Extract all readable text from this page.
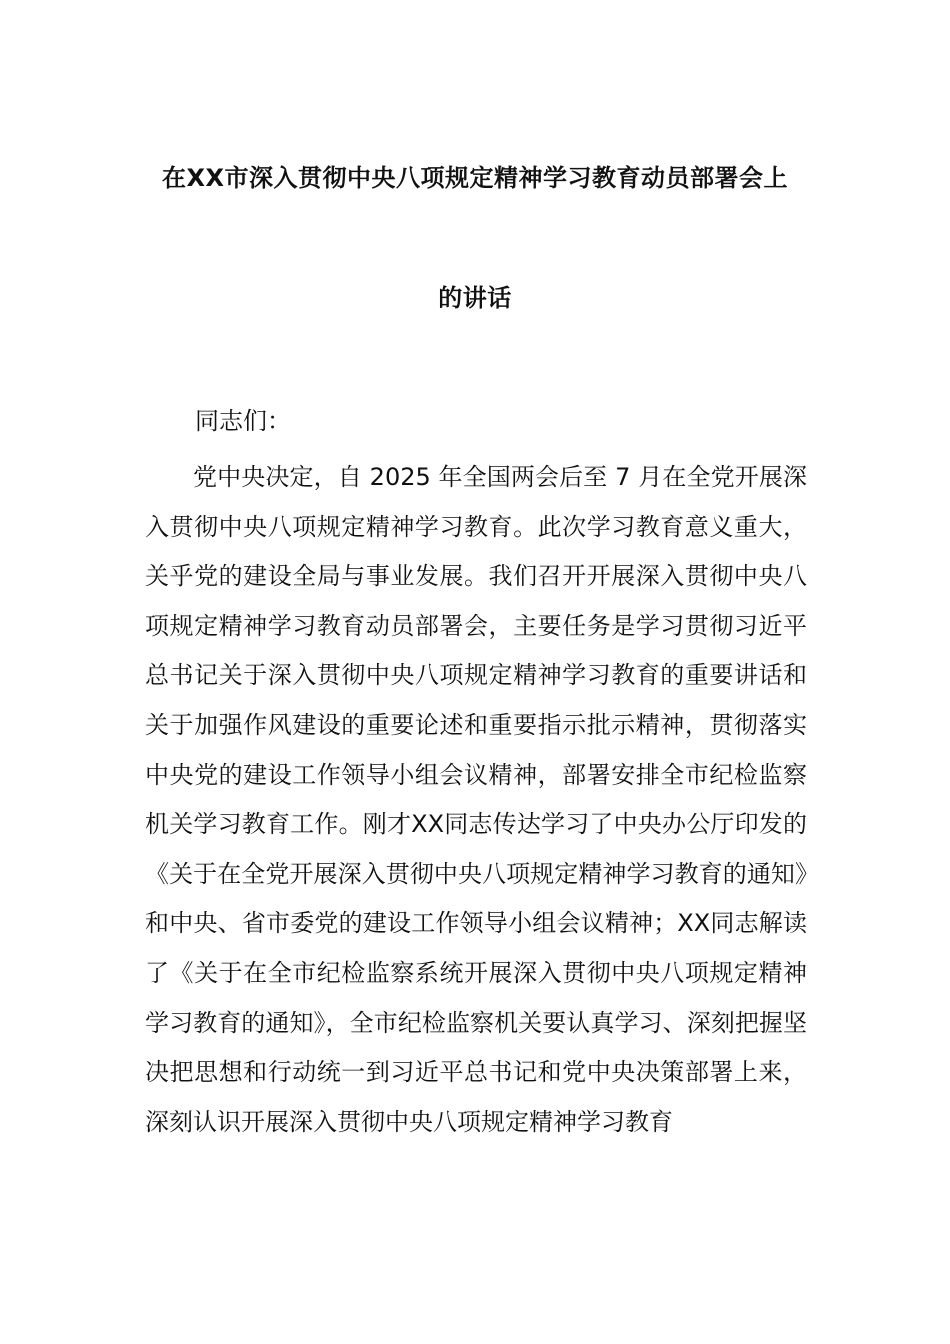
在XX市深入贯彻中央八项规定精神学习教育动员部署会上
的讲话
同志们：
党中央决定，自 2025 年全国两会后至 7 月在全党开展深入贯彻中央八项规定精神学习教育。此次学习教育意义重大，关乎党的建设全局与事业发展。我们召开开展深入贯彻中央八项规定精神学习教育动员部署会，主要任务是学习贯彻习近平总书记关于深入贯彻中央八项规定精神学习教育的重要讲话和关于加强作风建设的重要论述和重要指示批示精神，贯彻落实中央党的建设工作领导小组会议精神，部署安排全市纪检监察机关学习教育工作。刚才XX同志传达学习了中央办公厅印发的《关于在全党开展深入贯彻中央八项规定精神学习教育的通知》和中央、省市委党的建设工作领导小组会议精神；XX同志解读了《关于在全市纪检监察系统开展深入贯彻中央八项规定精神学习教育的通知》，全市纪检监察机关要认真学习、深刻把握坚决把思想和行动统一到习近平总书记和党中央决策部署上来，深刻认识开展深入贯彻中央八项规定精神学习教育
